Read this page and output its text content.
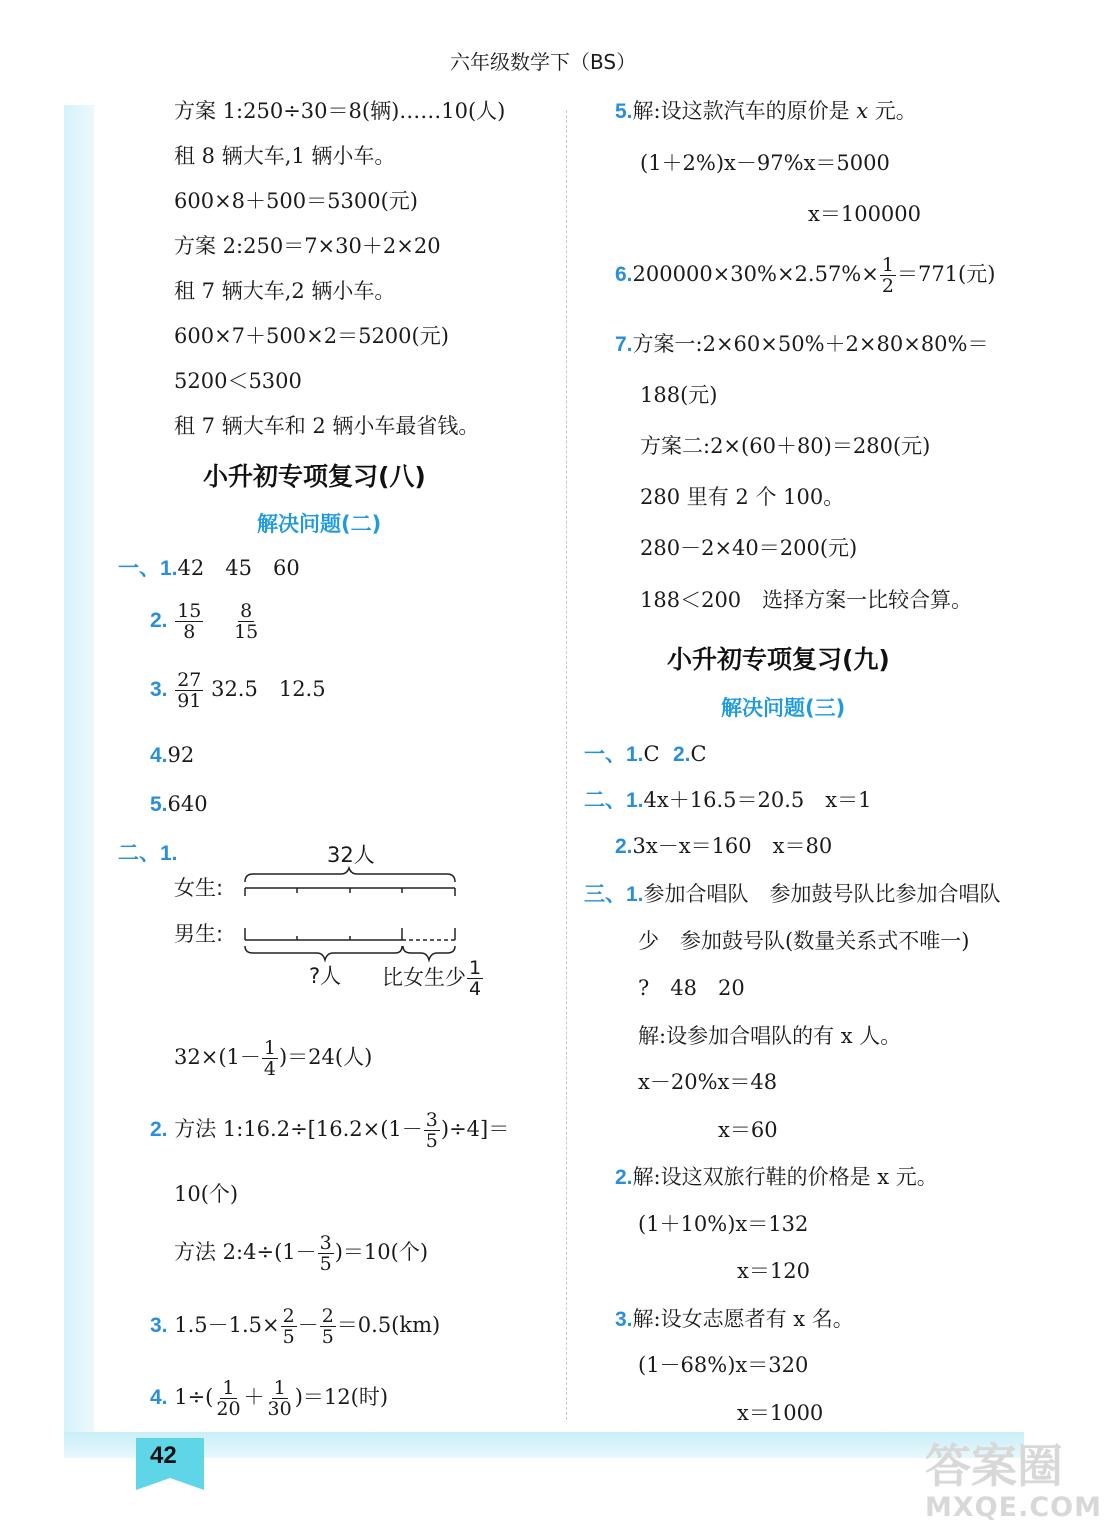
42
六年级数学下（BS）
方案 1:250÷30＝8(辆)……10(人)
租 8 辆大车,1 辆小车。
600×8＋500＝5300(元)
方案 2:250＝7×30＋2×20
租 7 辆大车,2 辆小车。
600×7＋500×2＝5200(元)
5200＜5300
租 7 辆大车和 2 辆小车最省钱。
小升初专项复习(八)
解决问题(二)
一、1.42　45　60
2. $\frac{15}{8}$
$\frac{8}{15}$
3. $\frac{27}{91} 32.5$　12.5
4.92
5.640
二、1.	32人
女生:
男生:
?人 比女生少 $\frac{1}{4}$
$32\times(1- \frac{1}{4} )=24$(人)
2. 方法 1:16.2÷[16.2×(1－ $\frac{3}{5} )\div 4]=$
10(个)
方法 2:4÷(1－ $\frac{3}{5} )=10$(个)
3. $1.5-1.5\times \frac{2}{5} - \frac{2}{5} =0.5(km)$
4. $1\div( \frac{1}{20} + \frac{1}{30} )=12$(时)
5.解:设这款汽车的原价是 x 元。
(1＋2%)x－97%x＝5000
x＝100000
$6.200000\times 30\%\times 2.57\%\times \frac{1}{2} =771$(元)
7.方案一:2×60×50%＋2×80×80%＝
188(元)
方案二:2×(60＋80)＝280(元)
280 里有 2 个 100。
280－2×40＝200(元)
188＜200　选择方案一比较合算。
小升初专项复习(九)
解决问题(三)
一、1.C 2.C
二、1.4x＋16.5＝20.5　x＝1
2.3x－x＝160　x＝80
三、1.参加合唱队　参加鼓号队比参加合唱队
少　参加鼓号队(数量关系式不唯一)
?　48　20
解:设参加合唱队的有 x 人。
x－20%x＝48
x＝60
2.解:设这双旅行鞋的价格是 x 元。
(1＋10%)x＝132
x＝120
3.解:设女志愿者有 x 名。
(1－68%)x＝320
x＝1000
答案圈
MXQE.COM
